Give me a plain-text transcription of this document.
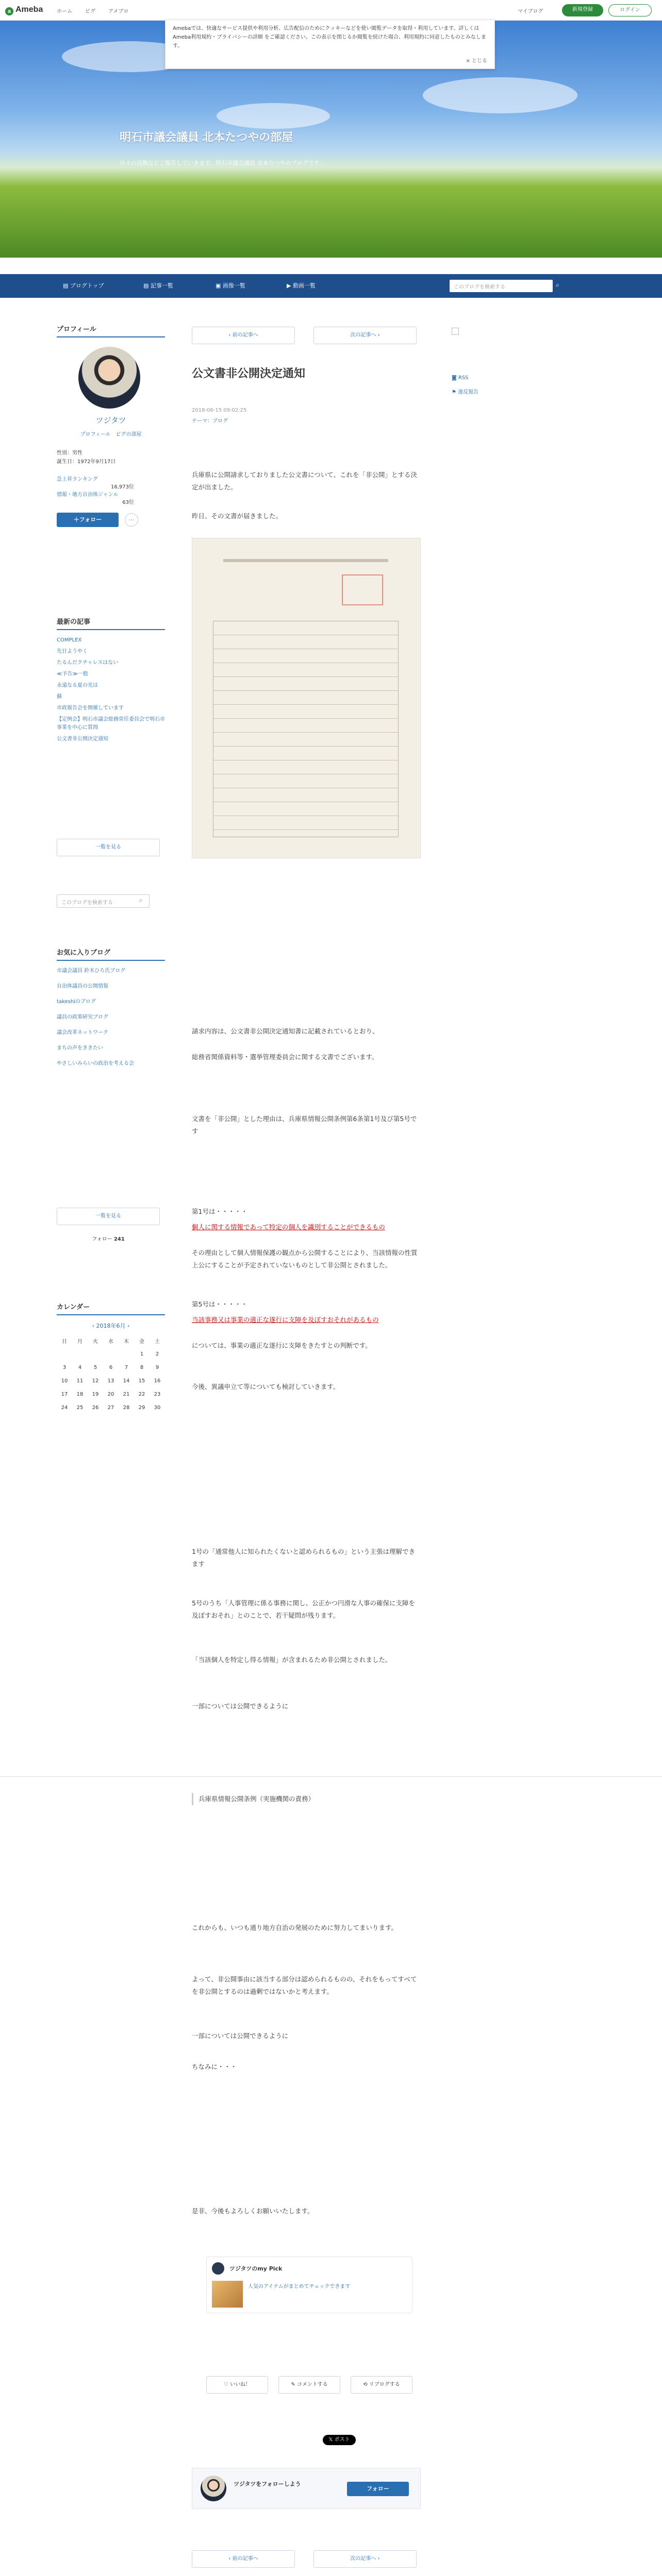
a Ameba	ホーム	ピグ	アメブロ	マイブログ	新規登録	ログイン
明石市議会議員 北本たつやの部屋
日々の活動などご報告していきます。明石市議会議員 北本たつやのブログです。
Amebaでは、快適なサービス提供や利用分析、広告配信のためにクッキーなどを使い閲覧データを取得・利用しています。詳しくは Ameba利用規約・プライバシーの詳細 をご確認ください。この表示を閉じるか閲覧を続けた場合、利用規約に同意したものとみなします。
× とじる
▤ ブログトップ	▤ 記事一覧	▣ 画像一覧	▶ 動画一覧	このブログを検索する	⌕
プロフィール
ツジタツ
プロフィール　ピグの部屋
性別：男性
誕生日：1972年9月17日
急上昇ランキング
16,973位
情報・地方自治体ジャンル
63位
＋フォロー	⋯
最新の記事
COMPLEX
先日ようやく
たるんだクチャレスはない
≪予告≫一般
永遠なる夏の光は
蘇
市政報告会を開催しています
【定例会】明石市議会総務常任委員会で明石市事業を中心に質問
公文書非公開決定通知
一覧を見る
このブログを検索する	⌕
お気に入りブログ
市議会議員 鈴木ひろ氏ブログ
自治体議員の公開情報
takeshiのブログ
議員の政策研究ブログ
議会改革ネットワーク
まちの声をききたい
やさしいみらいの政治を考える会
一覧を見る
フォロー 241
カレンダー
‹ 2018年6月 ›
日	月	火	水	木	金	土
					1	2
3	4	5	6	7	8	9
10	11	12	13	14	15	16
17	18	19	20	21	22	23
24	25	26	27	28	29	30
◙ RSS
⚑ 違反報告
‹ 前の記事へ	次の記事へ ›
公文書非公開決定通知
2018-06-15 09:02:25
テーマ：ブログ
兵庫県に公開請求しておりました公文書について、これを「非公開」とする決定が出ました。
昨日、その文書が届きました。
請求内容は、公文書非公開決定通知書に記載されているとおり、
総務省関係資料等・選挙管理委員会に関する文書でございます。
文書を「非公開」とした理由は、兵庫県情報公開条例第6条第1号及び第5号です
第1号は・・・・・
個人に関する情報であって特定の個人を識別することができるもの
その理由として個人情報保護の観点から公開することにより、当該情報の性質上公にすることが予定されていないものとして非公開とされました。
第5号は・・・・・
当該事務又は事業の適正な遂行に支障を及ぼすおそれがあるもの
については、事業の適正な遂行に支障をきたすとの判断です。
今後、異議申立て等についても検討していきます。
1号の「通常他人に知られたくないと認められるもの」という主張は理解できます
5号のうち「人事管理に係る事務に関し、公正かつ円滑な人事の確保に支障を及ぼすおそれ」とのことで、若干疑問が残ります。
「当該個人を特定し得る情報」が含まれるため非公開とされました。
一部については公開できるように
兵庫県情報公開条例（実施機関の責務）
これからも、いつも通り地方自治の発展のために努力してまいります。
よって、非公開事由に該当する部分は認められるものの、それをもってすべてを非公開とするのは過剰ではないかと考えます。
一部については公開できるように
ちなみに・・・
是非、今後もよろしくお願いいたします。
ツジタツのmy Pick
人気のアイテムがまとめてチェックできます
♡ いいね！	✎ コメントする	⟲ リブログする
𝕏 ポスト
ツジタツをフォローしよう
フォロー
‹ 前の記事へ	次の記事へ ›
